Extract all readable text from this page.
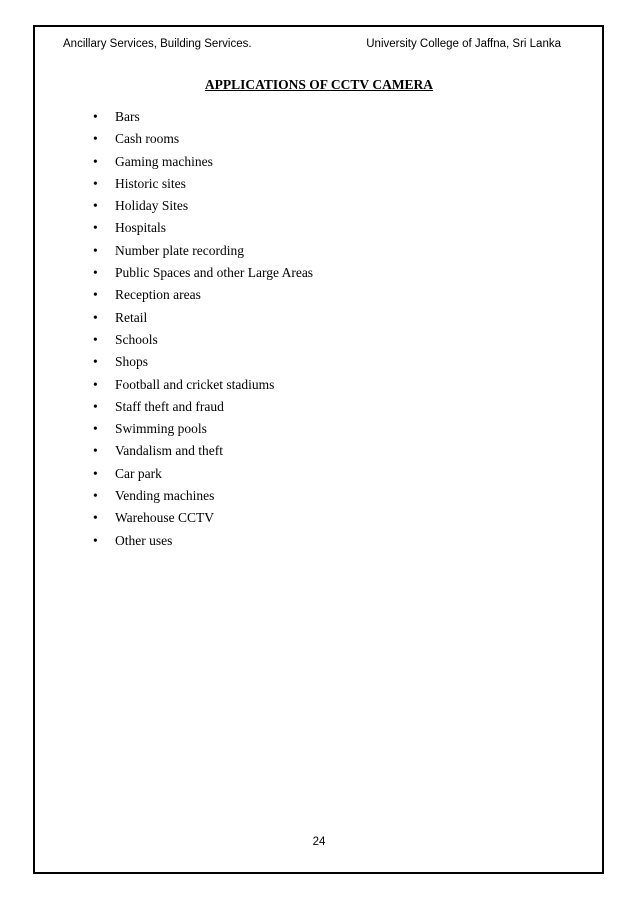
Ancillary Services, Building Services.	University College of Jaffna, Sri Lanka
APPLICATIONS OF CCTV CAMERA
•	Bars
•	Cash rooms
•	Gaming machines
•	Historic sites
•	Holiday Sites
•	Hospitals
•	Number plate recording
•	Public Spaces and other Large Areas
•	Reception areas
•	Retail
•	Schools
•	Shops
•	Football and cricket stadiums
•	Staff theft and fraud
•	Swimming pools
•	Vandalism and theft
•	Car park
•	Vending machines
•	Warehouse CCTV
•	Other uses
24
